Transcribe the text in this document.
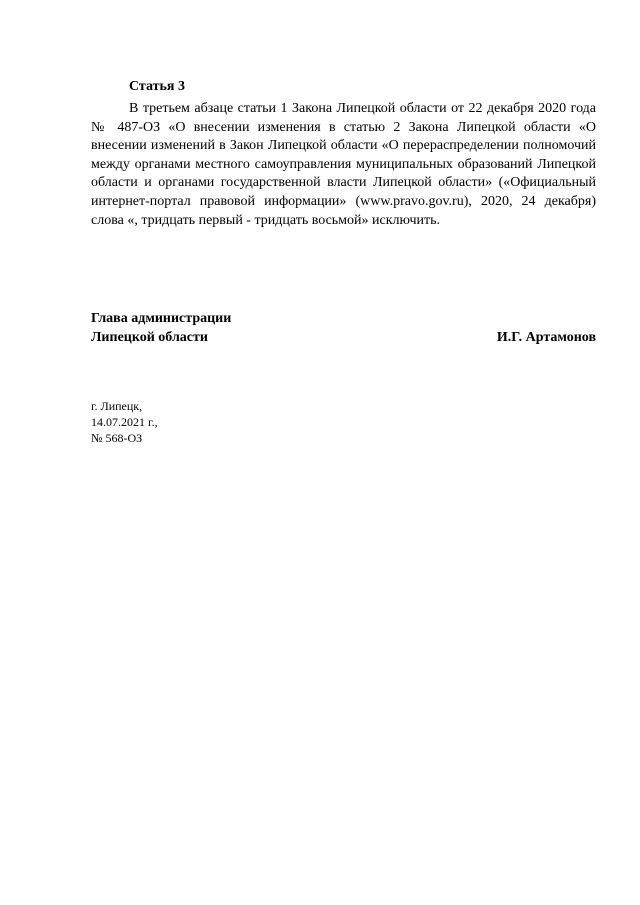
Статья 3

В третьем абзаце статьи 1 Закона Липецкой области от 22 декабря 2020 года № 487-ОЗ «О внесении изменения в статью 2 Закона Липецкой области «О внесении изменений в Закон Липецкой области «О перераспределении полномочий между органами местного самоуправления муниципальных образований Липецкой области и органами государственной власти Липецкой области» («Официальный интернет-портал правовой информации» (www.pravo.gov.ru), 2020, 24 декабря) слова «, тридцать первый - тридцать восьмой» исключить.

Глава администрации
Липецкой области	И.Г. Артамонов
г. Липецк,
14.07.2021 г.,
№ 568-ОЗ
